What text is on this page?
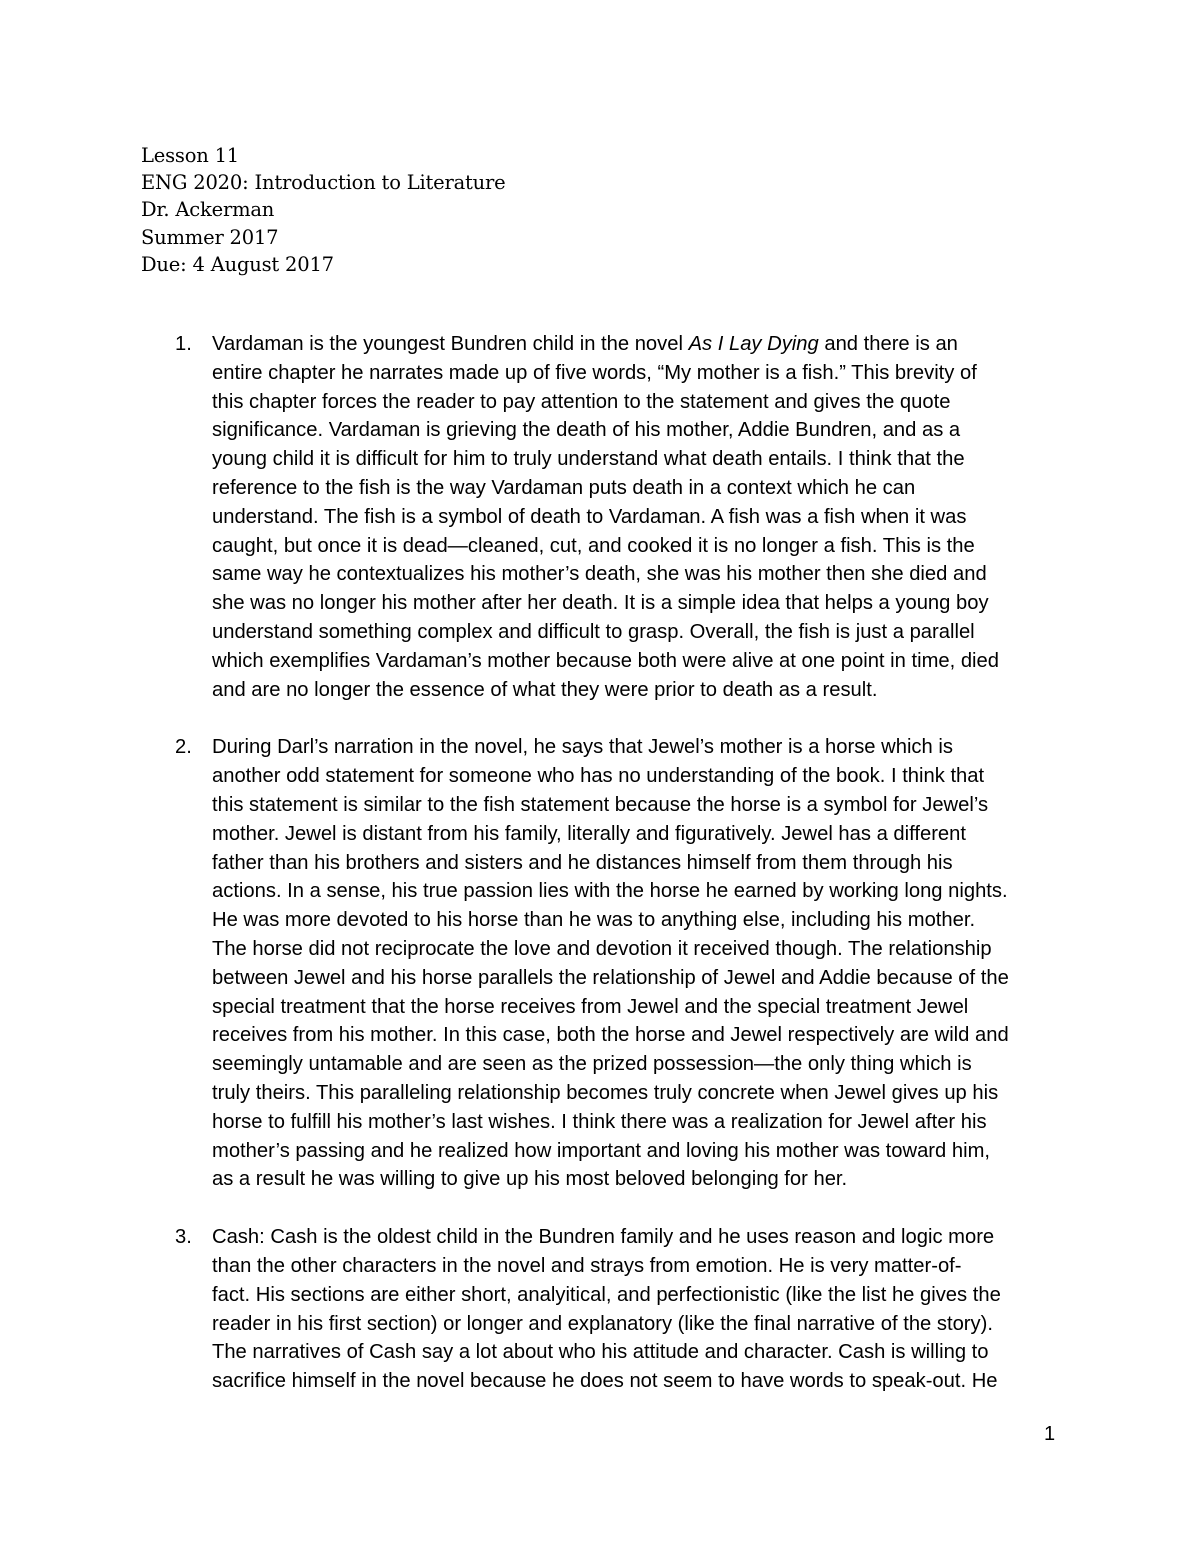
Lesson 11
ENG 2020: Introduction to Literature
Dr. Ackerman
Summer 2017
Due: 4 August 2017
1. Vardaman is the youngest Bundren child in the novel As I Lay Dying and there is an
entire chapter he narrates made up of five words, “My mother is a fish.” This brevity of
this chapter forces the reader to pay attention to the statement and gives the quote
significance. Vardaman is grieving the death of his mother, Addie Bundren, and as a
young child it is difficult for him to truly understand what death entails. I think that the
reference to the fish is the way Vardaman puts death in a context which he can
understand. The fish is a symbol of death to Vardaman. A fish was a fish when it was
caught, but once it is dead—cleaned, cut, and cooked it is no longer a fish. This is the
same way he contextualizes his mother’s death, she was his mother then she died and
she was no longer his mother after her death. It is a simple idea that helps a young boy
understand something complex and difficult to grasp. Overall, the fish is just a parallel
which exemplifies Vardaman’s mother because both were alive at one point in time, died
and are no longer the essence of what they were prior to death as a result.

2. During Darl’s narration in the novel, he says that Jewel’s mother is a horse which is
another odd statement for someone who has no understanding of the book. I think that
this statement is similar to the fish statement because the horse is a symbol for Jewel’s
mother. Jewel is distant from his family, literally and figuratively. Jewel has a different
father than his brothers and sisters and he distances himself from them through his
actions. In a sense, his true passion lies with the horse he earned by working long nights.
He was more devoted to his horse than he was to anything else, including his mother.
The horse did not reciprocate the love and devotion it received though. The relationship
between Jewel and his horse parallels the relationship of Jewel and Addie because of the
special treatment that the horse receives from Jewel and the special treatment Jewel
receives from his mother. In this case, both the horse and Jewel respectively are wild and
seemingly untamable and are seen as the prized possession—the only thing which is
truly theirs. This paralleling relationship becomes truly concrete when Jewel gives up his
horse to fulfill his mother’s last wishes. I think there was a realization for Jewel after his
mother’s passing and he realized how important and loving his mother was toward him,
as a result he was willing to give up his most beloved belonging for her.

3. Cash: Cash is the oldest child in the Bundren family and he uses reason and logic more
than the other characters in the novel and strays from emotion. He is very matter-of-
fact. His sections are either short, analyitical, and perfectionistic (like the list he gives the
reader in his first section) or longer and explanatory (like the final narrative of the story).
The narratives of Cash say a lot about who his attitude and character. Cash is willing to
sacrifice himself in the novel because he does not seem to have words to speak-out. He

1
